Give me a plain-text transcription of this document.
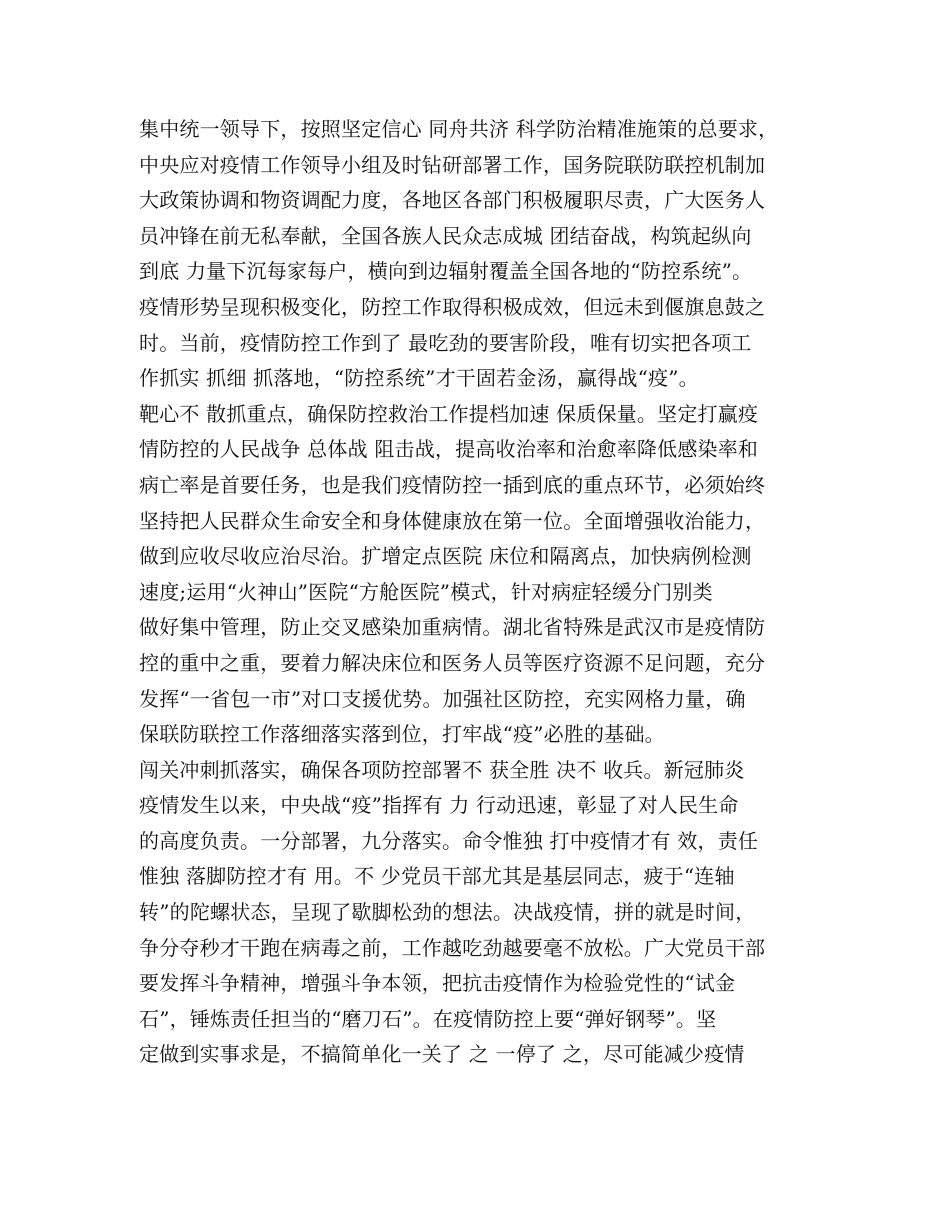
集中统一领导下，按照坚定信心 同舟共济 科学防治精准施策的总要求，
中央应对疫情工作领导小组及时钻研部署工作，国务院联防联控机制加
大政策协调和物资调配力度，各地区各部门积极履职尽责，广大医务人
员冲锋在前无私奉献，全国各族人民众志成城 团结奋战，构筑起纵向
到底 力量下沉每家每户，横向到边辐射覆盖全国各地的“防控系统”。
疫情形势呈现积极变化，防控工作取得积极成效，但远未到偃旗息鼓之
时。当前，疫情防控工作到了 最吃劲的要害阶段，唯有切实把各项工
作抓实 抓细 抓落地，“防控系统”才干固若金汤，赢得战“疫”。
靶心不 散抓重点，确保防控救治工作提档加速 保质保量。坚定打赢疫
情防控的人民战争 总体战 阻击战，提高收治率和治愈率降低感染率和
病亡率是首要任务，也是我们疫情防控一插到底的重点环节，必须始终
坚持把人民群众生命安全和身体健康放在第一位。全面增强收治能力，
做到应收尽收应治尽治。扩增定点医院 床位和隔离点，加快病例检测
速度;运用“火神山”医院“方舱医院”模式，针对病症轻缓分门别类
做好集中管理，防止交叉感染加重病情。湖北省特殊是武汉市是疫情防
控的重中之重，要着力解决床位和医务人员等医疗资源不足问题，充分
发挥“一省包一市”对口支援优势。加强社区防控，充实网格力量，确
保联防联控工作落细落实落到位，打牢战“疫”必胜的基础。
闯关冲刺抓落实，确保各项防控部署不 获全胜 决不 收兵。新冠肺炎
疫情发生以来，中央战“疫”指挥有 力 行动迅速，彰显了对人民生命
的高度负责。一分部署，九分落实。命令惟独 打中疫情才有 效，责任
惟独 落脚防控才有 用。不 少党员干部尤其是基层同志，疲于“连轴
转”的陀螺状态，呈现了歇脚松劲的想法。决战疫情，拼的就是时间，
争分夺秒才干跑在病毒之前，工作越吃劲越要毫不放松。广大党员干部
要发挥斗争精神，增强斗争本领，把抗击疫情作为检验党性的“试金
石”，锤炼责任担当的“磨刀石”。在疫情防控上要“弹好钢琴”。坚
定做到实事求是，不搞简单化一关了 之 一停了 之，尽可能减少疫情
